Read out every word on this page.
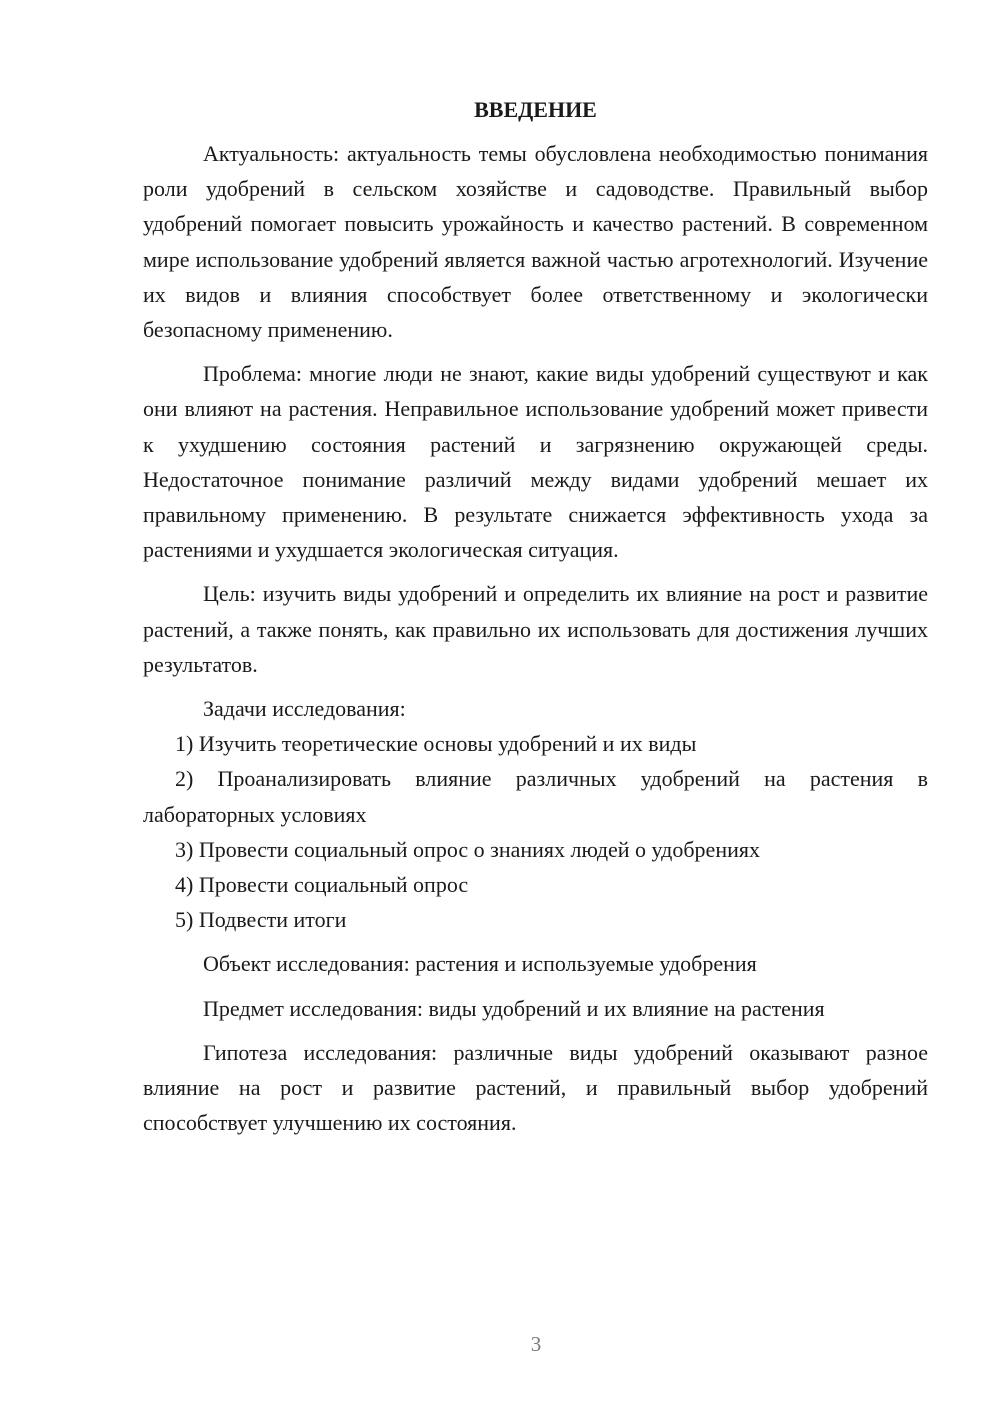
ВВЕДЕНИЕ

Актуальность: актуальность темы обусловлена необходимостью понимания роли удобрений в сельском хозяйстве и садоводстве. Правильный выбор удобрений помогает повысить урожайность и качество растений. В современном мире использование удобрений является важной частью агротехнологий. Изучение их видов и влияния способствует более ответственному и экологически безопасному применению.

Проблема: многие люди не знают, какие виды удобрений существуют и как они влияют на растения. Неправильное использование удобрений может привести к ухудшению состояния растений и загрязнению окружающей среды. Недостаточное понимание различий между видами удобрений мешает их правильному применению. В результате снижается эффективность ухода за растениями и ухудшается экологическая ситуация.

Цель: изучить виды удобрений и определить их влияние на рост и развитие растений, а также понять, как правильно их использовать для достижения лучших результатов.

Задачи исследования:

1) Изучить теоретические основы удобрений и их виды
2) Проанализировать влияние различных удобрений на растения в лабораторных условиях
3) Провести социальный опрос о знаниях людей о удобрениях
4) Провести социальный опрос
5) Подвести итоги

Объект исследования: растения и используемые удобрения

Предмет исследования: виды удобрений и их влияние на растения

Гипотеза исследования: различные виды удобрений оказывают разное влияние на рост и развитие растений, и правильный выбор удобрений способствует улучшению их состояния.

3
